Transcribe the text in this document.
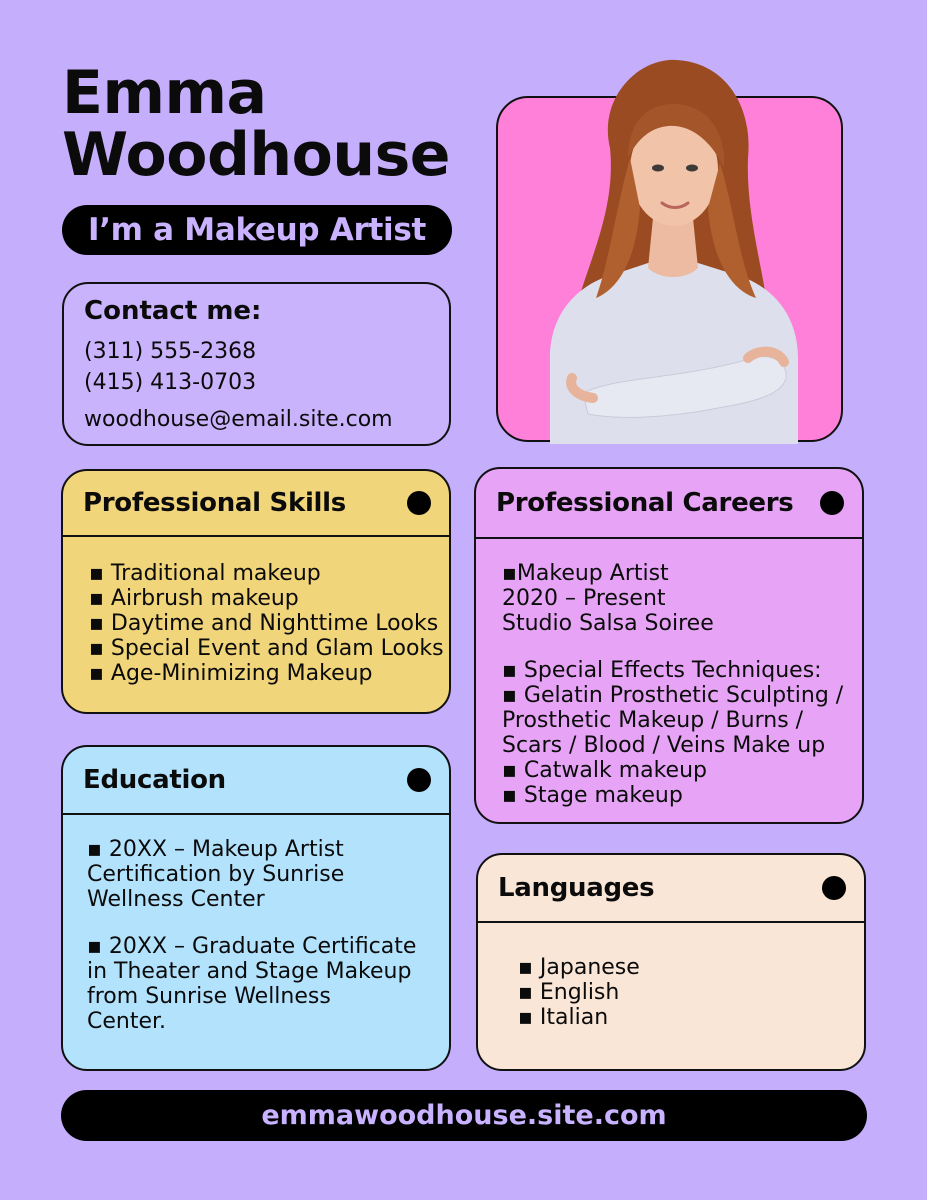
Emma
Woodhouse
I’m a Makeup Artist
Contact me:
(311) 555-2368
(415) 413-0703
woodhouse@email.site.com
Professional Skills
▪ Traditional makeup
▪ Airbrush makeup
▪ Daytime and Nighttime Looks
▪ Special Event and Glam Looks
▪ Age-Minimizing Makeup
Professional Careers
▪Makeup Artist
2020 – Present
Studio Salsa Soiree
▪ Special Effects Techniques:
▪ Gelatin Prosthetic Sculpting /
Prosthetic Makeup / Burns /
Scars / Blood / Veins Make up
▪ Catwalk makeup
▪ Stage makeup
Education
▪ 20XX – Makeup Artist
Certification by Sunrise
Wellness Center
▪ 20XX – Graduate Certificate
in Theater and Stage Makeup
from Sunrise Wellness
Center.
Languages
▪ Japanese
▪ English
▪ Italian
emmawoodhouse.site.com
